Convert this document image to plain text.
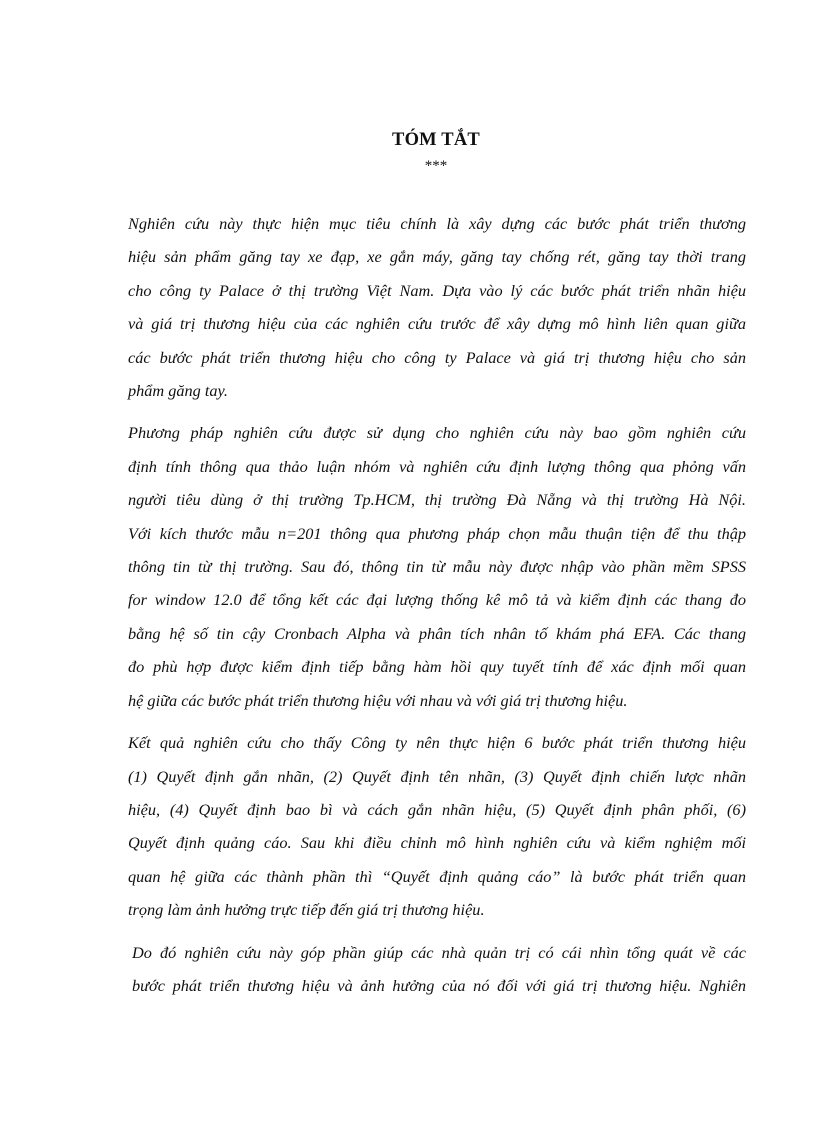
TÓM TẮT
***

Nghiên cứu này thực hiện mục tiêu chính là xây dựng các bước phát triển thương
hiệu sản phẩm găng tay xe đạp, xe gắn máy, găng tay chống rét, găng tay thời trang
cho công ty Palace ở thị trường Việt Nam. Dựa vào lý các bước phát triển nhãn hiệu
và giá trị thương hiệu của các nghiên cứu trước để xây dựng mô hình liên quan giữa
các bước phát triển thương hiệu cho công ty Palace và giá trị thương hiệu cho sản
phẩm găng tay.

Phương pháp nghiên cứu được sử dụng cho nghiên cứu này bao gồm nghiên cứu
định tính thông qua thảo luận nhóm và nghiên cứu định lượng thông qua phỏng vấn
người tiêu dùng ở thị trường Tp.HCM, thị trường Đà Nẵng và thị trường Hà Nội.
Với kích thước mẫu n=201 thông qua phương pháp chọn mẫu thuận tiện để thu thập
thông tin từ thị trường. Sau đó, thông tin từ mẫu này được nhập vào phần mềm SPSS
for window 12.0 để tổng kết các đại lượng thống kê mô tả và kiểm định các thang đo
bằng hệ số tin cậy Cronbach Alpha và phân tích nhân tố khám phá EFA. Các thang
đo phù hợp được kiểm định tiếp bằng hàm hồi quy tuyết tính để xác định mối quan
hệ giữa các bước phát triển thương hiệu với nhau và với giá trị thương hiệu.

Kết quả nghiên cứu cho thấy Công ty nên thực hiện 6 bước phát triển thương hiệu
(1) Quyết định gắn nhãn, (2) Quyết định tên nhãn, (3) Quyết định chiến lược nhãn
hiệu, (4) Quyết định bao bì và cách gắn nhãn hiệu, (5) Quyết định phân phối, (6)
Quyết định quảng cáo. Sau khi điều chỉnh mô hình nghiên cứu và kiểm nghiệm mối
quan hệ giữa các thành phần thì “Quyết định quảng cáo” là bước phát triển quan
trọng làm ảnh hưởng trực tiếp đến giá trị thương hiệu.

Do đó nghiên cứu này góp phần giúp các nhà quản trị có cái nhìn tổng quát về các
bước phát triển thương hiệu và ảnh hưởng của nó đối với giá trị thương hiệu. Nghiên
